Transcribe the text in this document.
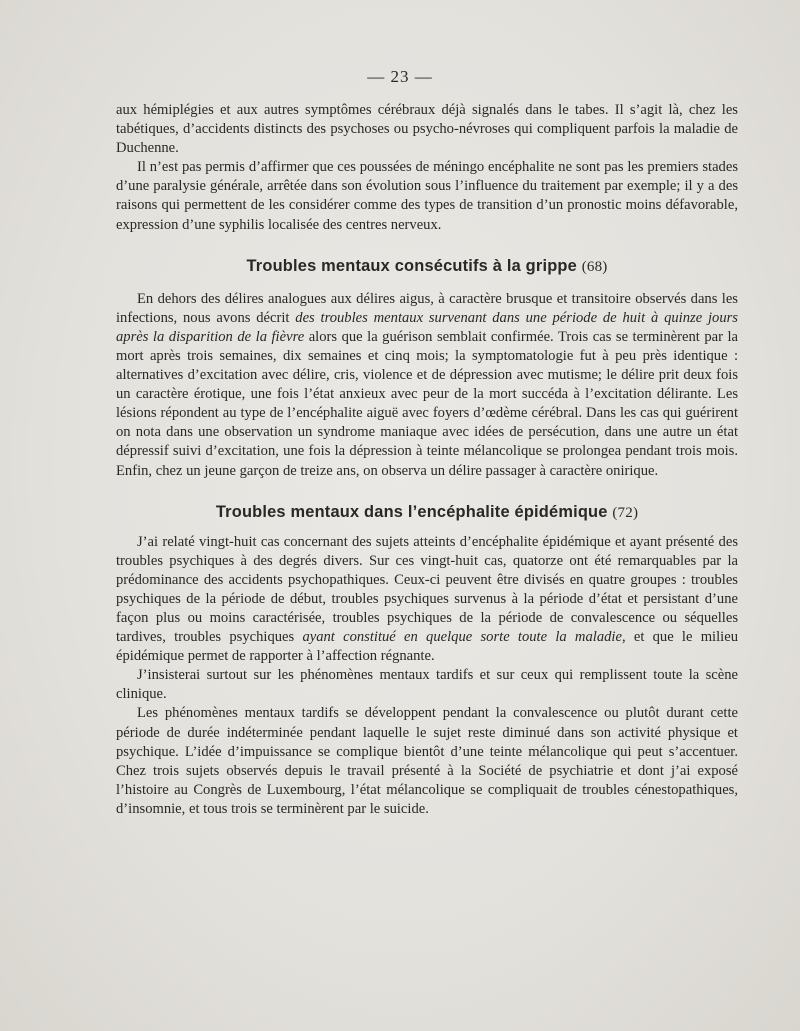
— 23 —

aux hémiplégies et aux autres symptômes cérébraux déjà signalés dans le tabes. Il s’agit là, chez les tabétiques, d’accidents distincts des psychoses ou psycho-névroses qui compliquent parfois la maladie de Duchenne.

Il n’est pas permis d’affirmer que ces poussées de méningo encéphalite ne sont pas les premiers stades d’une paralysie générale, arrêtée dans son évolution sous l’influence du traitement par exemple; il y a des raisons qui permettent de les considérer comme des types de transition d’un pronostic moins défavorable, expression d’une syphilis localisée des centres nerveux.

Troubles mentaux consécutifs à la grippe (68)

En dehors des délires analogues aux délires aigus, à caractère brusque et transitoire observés dans les infections, nous avons décrit des troubles mentaux survenant dans une période de huit à quinze jours après la disparition de la fièvre alors que la guérison semblait confirmée. Trois cas se terminèrent par la mort après trois semaines, dix semaines et cinq mois; la symptomatologie fut à peu près identique : alternatives d’excitation avec délire, cris, violence et de dépression avec mutisme; le délire prit deux fois un caractère érotique, une fois l’état anxieux avec peur de la mort succéda à l’excitation délirante. Les lésions répondent au type de l’encéphalite aiguë avec foyers d’œdème cérébral. Dans les cas qui guérirent on nota dans une observation un syndrome maniaque avec idées de persécution, dans une autre un état dépressif suivi d’excitation, une fois la dépression à teinte mélancolique se prolongea pendant trois mois. Enfin, chez un jeune garçon de treize ans, on observa un délire passager à caractère onirique.

Troubles mentaux dans l’encéphalite épidémique (72)

J’ai relaté vingt-huit cas concernant des sujets atteints d’encéphalite épidémique et ayant présenté des troubles psychiques à des degrés divers. Sur ces vingt-huit cas, quatorze ont été remarquables par la prédominance des accidents psychopathiques. Ceux-ci peuvent être divisés en quatre groupes : troubles psychiques de la période de début, troubles psychiques survenus à la période d’état et persistant d’une façon plus ou moins caractérisée, troubles psychiques de la période de convalescence ou séquelles tardives, troubles psychiques ayant constitué en quelque sorte toute la maladie, et que le milieu épidémique permet de rapporter à l’affection régnante.

J’insisterai surtout sur les phénomènes mentaux tardifs et sur ceux qui remplissent toute la scène clinique.

Les phénomènes mentaux tardifs se développent pendant la convalescence ou plutôt durant cette période de durée indéterminée pendant laquelle le sujet reste diminué dans son activité physique et psychique. L’idée d’impuissance se complique bientôt d’une teinte mélancolique qui peut s’accentuer. Chez trois sujets observés depuis le travail présenté à la Société de psychiatrie et dont j’ai exposé l’histoire au Congrès de Luxembourg, l’état mélancolique se compliquait de troubles cénestopathiques, d’insomnie, et tous trois se terminèrent par le suicide.
